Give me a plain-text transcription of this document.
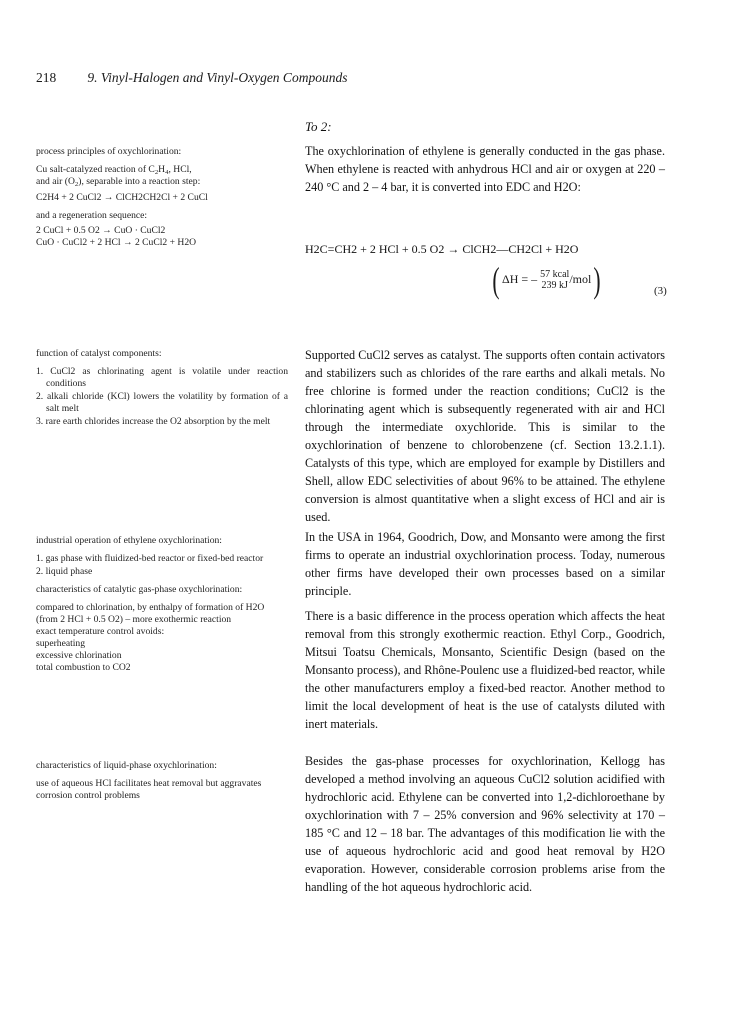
218 9. Vinyl-Halogen and Vinyl-Oxygen Compounds

process principles of oxychlorination:

Cu salt-catalyzed reaction of $C_2H_4$, HCl,
and air $(O_2)$, separable into a reaction step:

C2H4 + 2 CuCl2 → ClCH2CH2Cl + 2 CuCl

and a regeneration sequence:

2 CuCl + 0.5 O2 → CuO · CuCl2
CuO · CuCl2 + 2 HCl → 2 CuCl2 + H2O

function of catalyst components:

1. CuCl2 as chlorinating agent is volatile under reaction conditions
2. alkali chloride (KCl) lowers the volatility by formation of a salt melt
3. rare earth chlorides increase the O2 absorption by the melt

industrial operation of ethylene oxychlorination:

1. gas phase with fluidized-bed reactor or fixed-bed reactor
2. liquid phase

characteristics of catalytic gas-phase oxychlorination:

compared to chlorination, by enthalpy of formation of H2O (from 2 HCl + 0.5 O2) – more exothermic reaction

exact temperature control avoids:
superheating
excessive chlorination
total combustion to CO2

characteristics of liquid-phase oxychlorination:

use of aqueous HCl facilitates heat removal but aggravates corrosion control problems

To 2:

The oxychlorination of ethylene is generally conducted in the gas phase. When ethylene is reacted with anhydrous HCl and air or oxygen at 220 – 240 °C and 2 – 4 bar, it is converted into EDC and H2O:

H2C=CH2 + 2 HCl + 0.5 O2 → ClCH2—CH2Cl + H2O
( ΔH = – 57 kcal
239 kJ /mol)	(3)

Supported CuCl2 serves as catalyst. The supports often contain activators and stabilizers such as chlorides of the rare earths and alkali metals. No free chlorine is formed under the reaction conditions; CuCl2 is the chlorinating agent which is subsequently regenerated with air and HCl through the intermediate oxychloride. This is similar to the oxychlorination of benzene to chlorobenzene (cf. Section 13.2.1.1). Catalysts of this type, which are employed for example by Distillers and Shell, allow EDC selectivities of about 96% to be attained. The ethylene conversion is almost quantitative when a slight excess of HCl and air is used.

In the USA in 1964, Goodrich, Dow, and Monsanto were among the first firms to operate an industrial oxychlorination process. Today, numerous other firms have developed their own processes based on a similar principle.

There is a basic difference in the process operation which affects the heat removal from this strongly exothermic reaction. Ethyl Corp., Goodrich, Mitsui Toatsu Chemicals, Monsanto, Scientific Design (based on the Monsanto process), and Rhône-Poulenc use a fluidized-bed reactor, while the other manufacturers employ a fixed-bed reactor. Another method to limit the local development of heat is the use of catalysts diluted with inert materials.

Besides the gas-phase processes for oxychlorination, Kellogg has developed a method involving an aqueous CuCl2 solution acidified with hydrochloric acid. Ethylene can be converted into 1,2-dichloroethane by oxychlorination with 7 – 25% conversion and 96% selectivity at 170 – 185 °C and 12 – 18 bar. The advantages of this modification lie with the use of aqueous hydrochloric acid and good heat removal by H2O evaporation. However, considerable corrosion problems arise from the handling of the hot aqueous hydrochloric acid.
